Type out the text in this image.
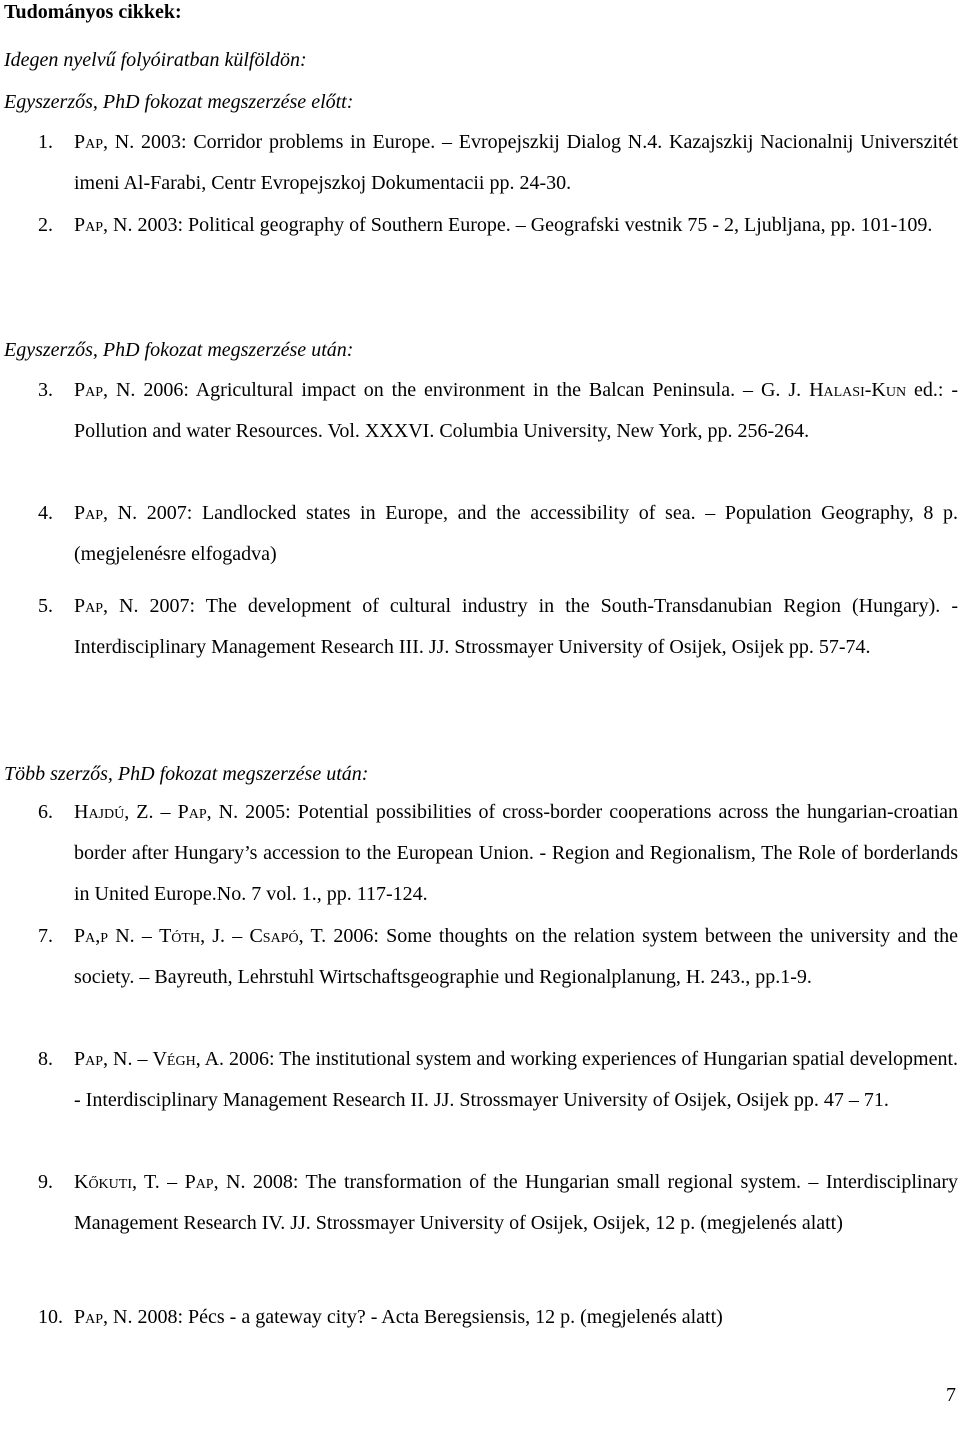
Tudományos cikkek:
Idegen nyelvű folyóiratban külföldön:
Egyszerzős, PhD fokozat megszerzése előtt:
1. Pap, N. 2003: Corridor problems in Europe. – Evropejszkij Dialog N.4. Kazajszkij Nacionalnij Universzitét imeni Al-Farabi, Centr Evropejszkoj Dokumentacii pp. 24-30.
2. Pap, N. 2003: Political geography of Southern Europe. – Geografski vestnik 75 - 2, Ljubljana, pp. 101-109.
Egyszerzős, PhD fokozat megszerzése után:
3. Pap, N. 2006: Agricultural impact on the environment in the Balcan Peninsula. – G. J. Halasi-Kun ed.: - Pollution and water Resources. Vol. XXXVI. Columbia University, New York, pp. 256-264.
4. Pap, N. 2007: Landlocked states in Europe, and the accessibility of sea. – Population Geography, 8 p. (megjelenésre elfogadva)
5. Pap, N. 2007: The development of cultural industry in the South-Transdanubian Region (Hungary). - Interdisciplinary Management Research III. JJ. Strossmayer University of Osijek, Osijek pp. 57-74.
Több szerzős, PhD fokozat megszerzése után:
6. Hajdú, Z. – Pap, N. 2005: Potential possibilities of cross-border cooperations across the hungarian-croatian border after Hungary’s accession to the European Union. - Region and Regionalism, The Role of borderlands in United Europe.No. 7 vol. 1., pp. 117-124.
7. Pa,p N. – Tóth, J. – Csapó, T. 2006: Some thoughts on the relation system between the university and the society. – Bayreuth, Lehrstuhl Wirtschaftsgeographie und Regionalplanung, H. 243., pp.1-9.
8. Pap, N. – Végh, A. 2006: The institutional system and working experiences of Hungarian spatial development. - Interdisciplinary Management Research II. JJ. Strossmayer University of Osijek, Osijek pp. 47 – 71.
9. Kőkuti, T. – Pap, N. 2008: The transformation of the Hungarian small regional system. – Interdisciplinary Management Research IV. JJ. Strossmayer University of Osijek, Osijek, 12 p. (megjelenés alatt)
10. Pap, N. 2008: Pécs - a gateway city? - Acta Beregsiensis, 12 p. (megjelenés alatt)
7
